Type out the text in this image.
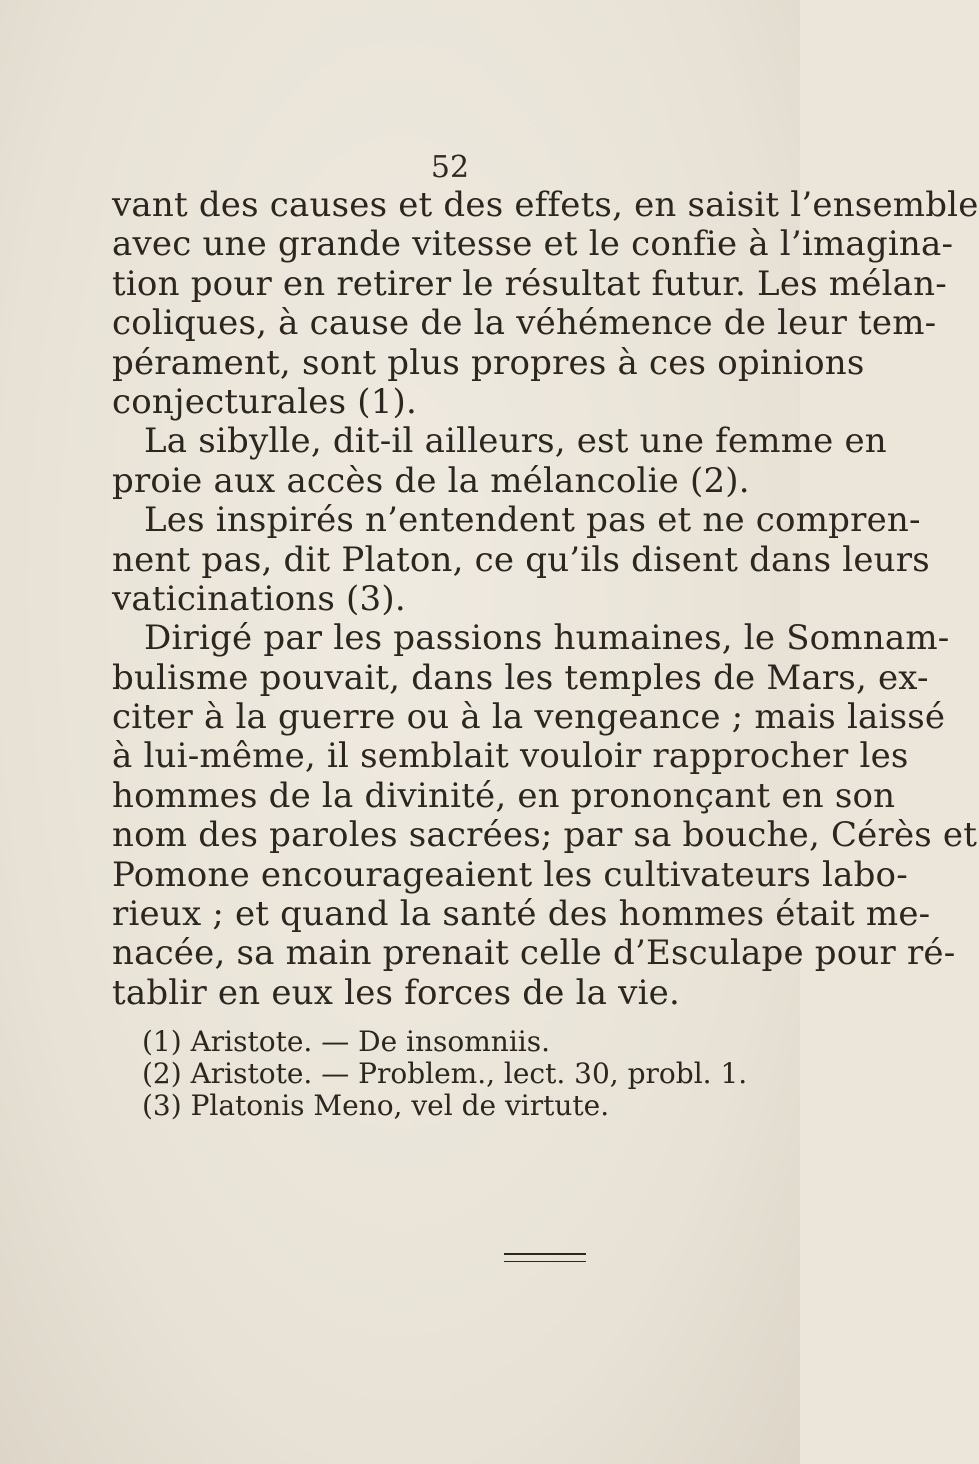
52
vant des causes et des effets, en saisit l’ensemble
avec une grande vitesse et le confie à l’imagina-
tion pour en retirer le résultat futur. Les mélan-
coliques, à cause de la véhémence de leur tem-
pérament, sont plus propres à ces opinions
conjecturales (1).
La sibylle, dit-il ailleurs, est une femme en
proie aux accès de la mélancolie (2).
Les inspirés n’entendent pas et ne compren-
nent pas, dit Platon, ce qu’ils disent dans leurs
vaticinations (3).
Dirigé par les passions humaines, le Somnam-
bulisme pouvait, dans les temples de Mars, ex-
citer à la guerre ou à la vengeance ; mais laissé
à lui-même, il semblait vouloir rapprocher les
hommes de la divinité, en prononçant en son
nom des paroles sacrées; par sa bouche, Cérès et
Pomone encourageaient les cultivateurs labo-
rieux ; et quand la santé des hommes était me-
nacée, sa main prenait celle d’Esculape pour ré-
tablir en eux les forces de la vie.
(1) Aristote. — De insomniis.
(2) Aristote. — Problem., lect. 30, probl. 1.
(3) Platonis Meno, vel de virtute.
